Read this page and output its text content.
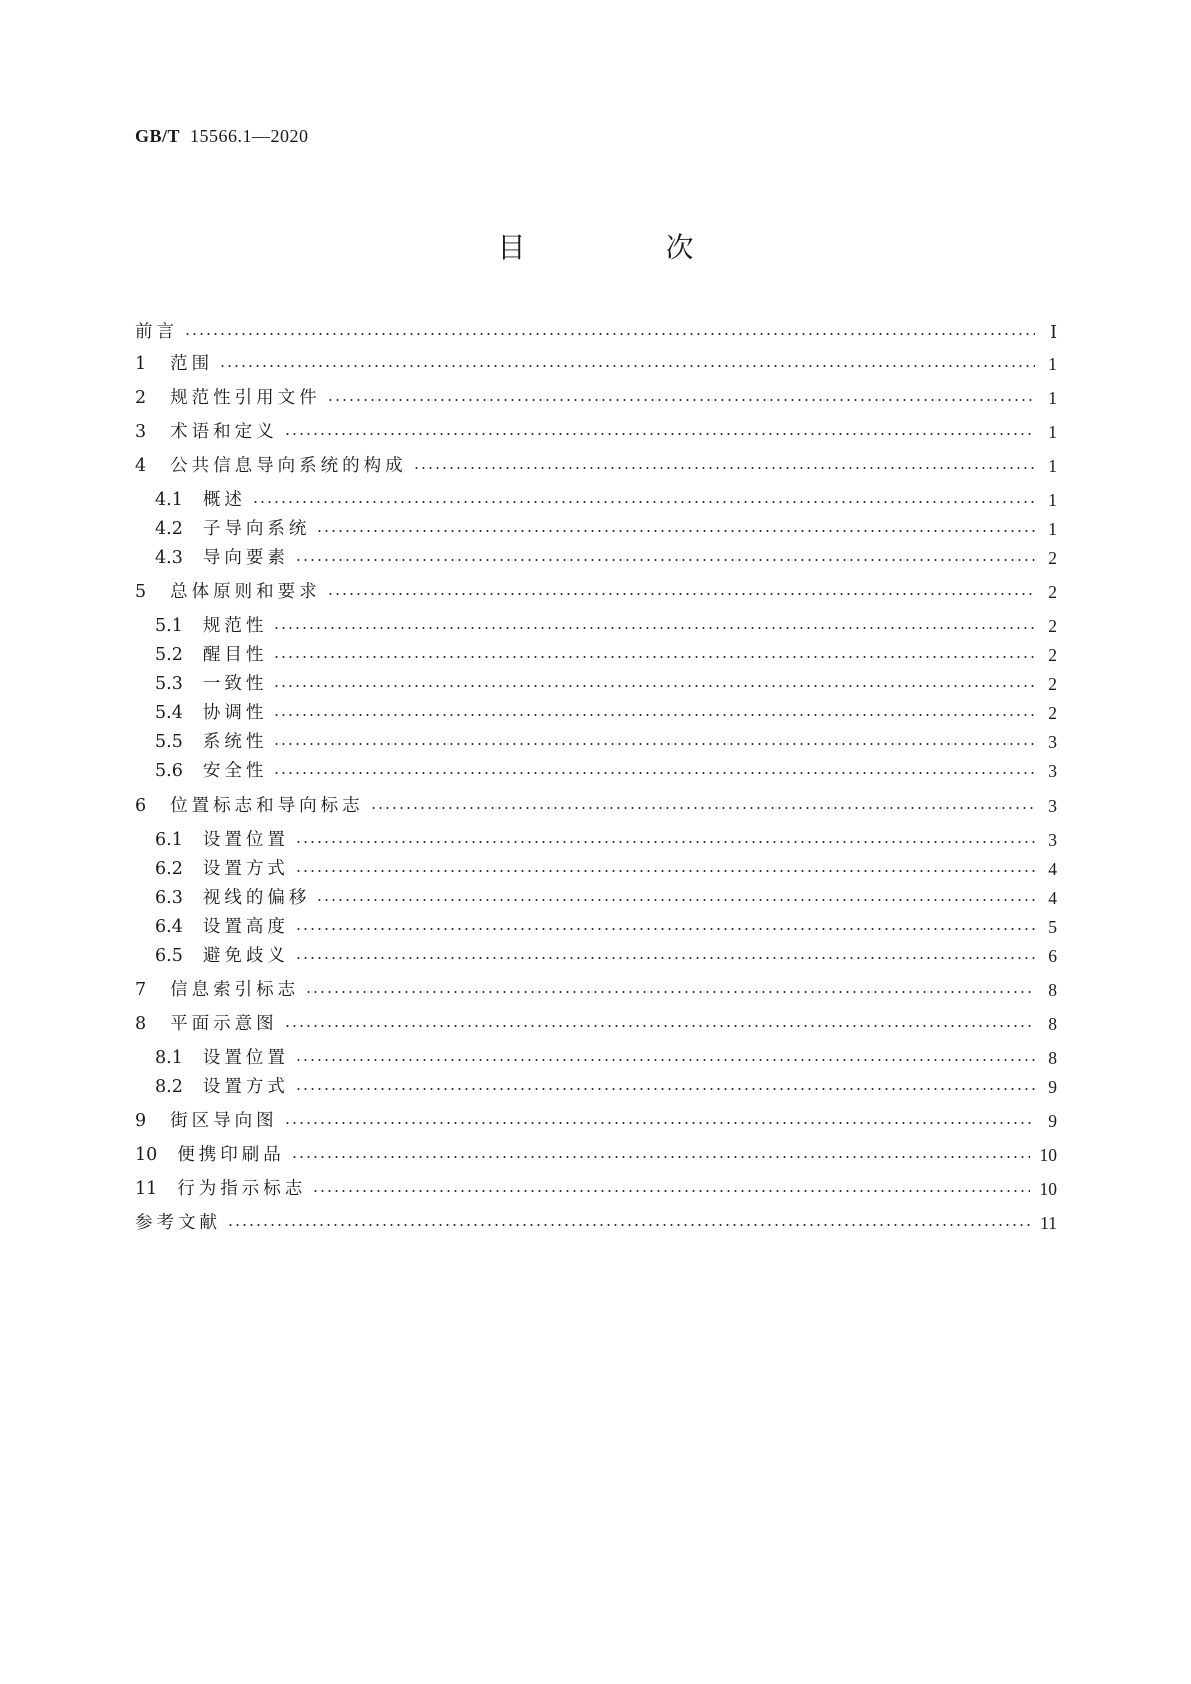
GB/T 15566.1—2020
目　次
前言	Ⅰ
1 范围	1
2 规范性引用文件	1
3 术语和定义	1
4 公共信息导向系统的构成	1
4.1 概述	1
4.2 子导向系统	1
4.3 导向要素	2
5 总体原则和要求	2
5.1 规范性	2
5.2 醒目性	2
5.3 一致性	2
5.4 协调性	2
5.5 系统性	3
5.6 安全性	3
6 位置标志和导向标志	3
6.1 设置位置	3
6.2 设置方式	4
6.3 视线的偏移	4
6.4 设置高度	5
6.5 避免歧义	6
7 信息索引标志	8
8 平面示意图	8
8.1 设置位置	8
8.2 设置方式	9
9 街区导向图	9
10 便携印刷品	10
11 行为指示标志	10
参考文献	11
